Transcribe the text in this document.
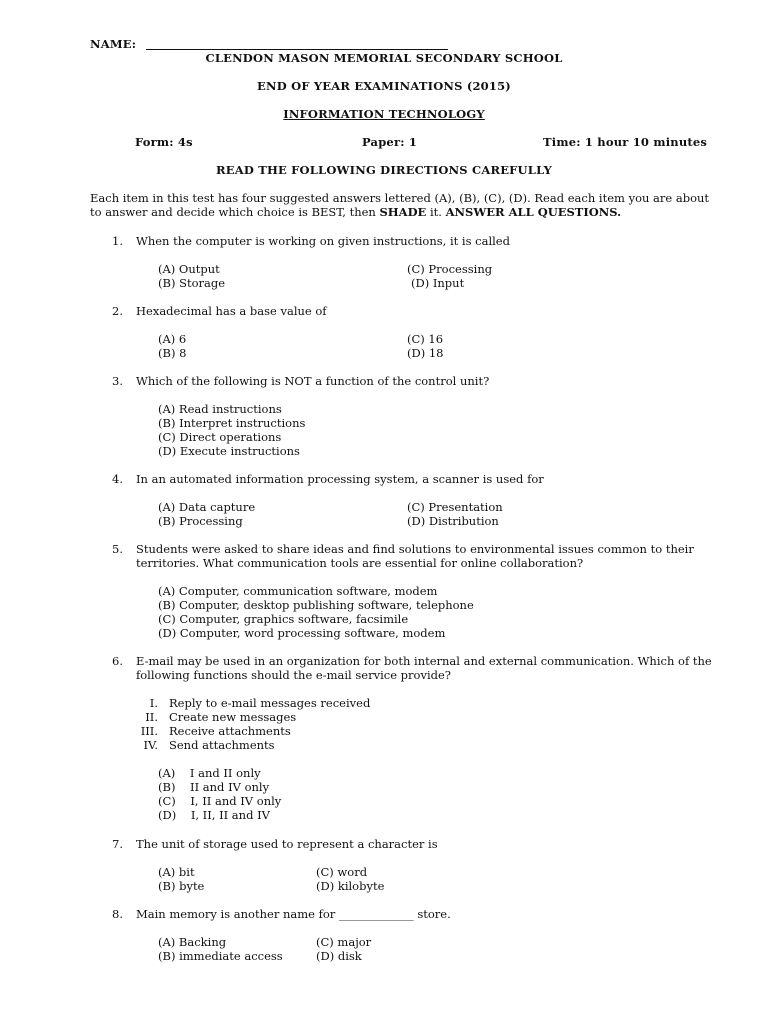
NAME:
CLENDON MASON MEMORIAL SECONDARY SCHOOL
END OF YEAR EXAMINATIONS (2015)
INFORMATION TECHNOLOGY
Form: 4s	Paper: 1	Time: 1 hour 10 minutes
READ THE FOLLOWING DIRECTIONS CAREFULLY
Each item in this test has four suggested answers lettered (A), (B), (C), (D). Read each item you are about
to answer and decide which choice is BEST, then SHADE it. ANSWER ALL QUESTIONS.
1. When the computer is working on given instructions, it is called
(A) Output
(B) Storage
(C) Processing
(D) Input
2. Hexadecimal has a base value of
(A) 6
(B) 8
(C) 16
(D) 18
3. Which of the following is NOT a function of the control unit?
(A) Read instructions
(B) Interpret instructions
(C) Direct operations
(D) Execute instructions
4. In an automated information processing system, a scanner is used for
(A) Data capture
(B) Processing
(C) Presentation
(D) Distribution
5. Students were asked to share ideas and find solutions to environmental issues common to their
territories. What communication tools are essential for online collaboration?
(A) Computer, communication software, modem
(B) Computer, desktop publishing software, telephone
(C) Computer, graphics software, facsimile
(D) Computer, word processing software, modem
6. E-mail may be used in an organization for both internal and external communication. Which of the
following functions should the e-mail service provide?
I. Reply to e-mail messages received
II. Create new messages
III. Receive attachments
IV. Send attachments
(A)    I and II only
(B)    II and IV only
(C)    I, II and IV only
(D)    I, II, II and IV
7. The unit of storage used to represent a character is
(A) bit
(B) byte
(C) word
(D) kilobyte
8. Main memory is another name for _____________ store.
(A) Backing
(B) immediate access
(C) major
(D) disk
